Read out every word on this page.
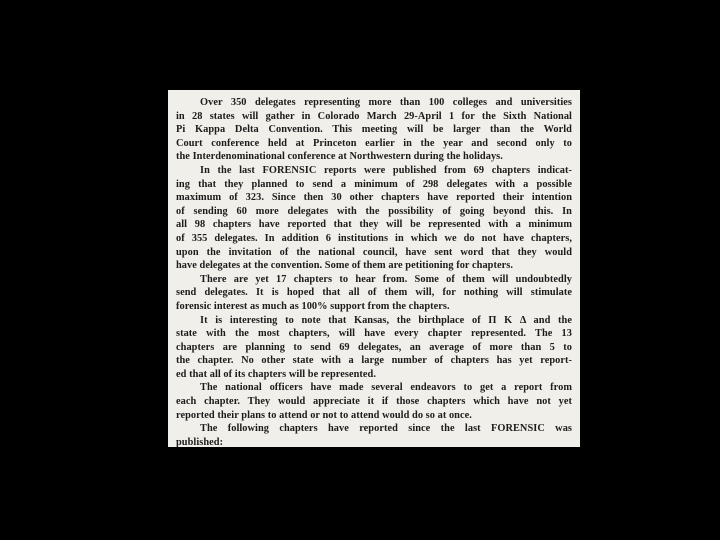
Over 350 delegates representing more than 100 colleges and universities
in 28 states will gather in Colorado March 29-April 1 for the Sixth National
Pi Kappa Delta Convention. This meeting will be larger than the World
Court conference held at Princeton earlier in the year and second only to
the Interdenominational conference at Northwestern during the holidays.
In the last FORENSIC reports were published from 69 chapters indicat-
ing that they planned to send a minimum of 298 delegates with a possible
maximum of 323. Since then 30 other chapters have reported their intention
of sending 60 more delegates with the possibility of going beyond this. In
all 98 chapters have reported that they will be represented with a minimum
of 355 delegates. In addition 6 institutions in which we do not have chapters,
upon the invitation of the national council, have sent word that they would
have delegates at the convention. Some of them are petitioning for chapters.
There are yet 17 chapters to hear from. Some of them will undoubtedly
send delegates. It is hoped that all of them will, for nothing will stimulate
forensic interest as much as 100% support from the chapters.
It is interesting to note that Kansas, the birthplace of Π K Δ and the
state with the most chapters, will have every chapter represented. The 13
chapters are planning to send 69 delegates, an average of more than 5 to
the chapter. No other state with a large number of chapters has yet report-
ed that all of its chapters will be represented.
The national officers have made several endeavors to get a report from
each chapter. They would appreciate it if those chapters which have not yet
reported their plans to attend or not to attend would do so at once.
The following chapters have reported since the last FORENSIC was
published:
